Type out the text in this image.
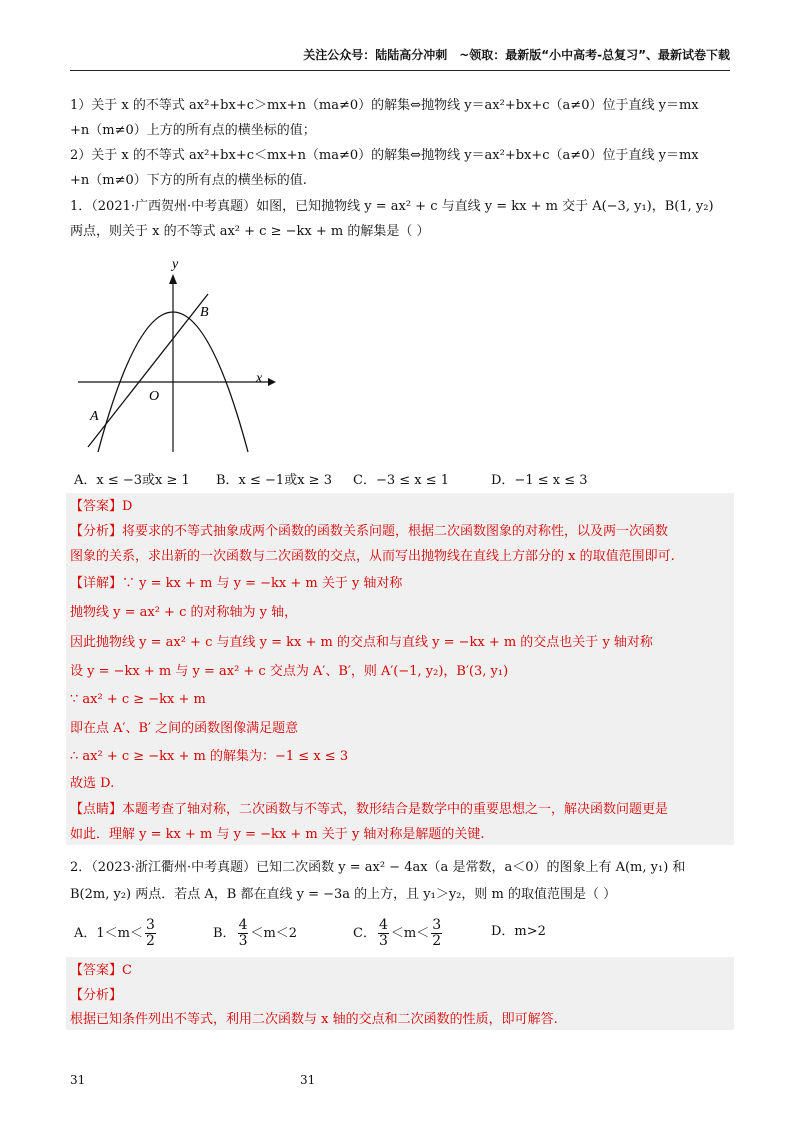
关注公众号：陆陆高分冲刺　~领取：最新版“小中高考-总复习”、最新试卷下载
1）关于 x 的不等式 ax²+bx+c＞mx+n（ma≠0）的解集⇔抛物线 y＝ax²+bx+c（a≠0）位于直线 y＝mx
+n（m≠0）上方的所有点的横坐标的值；
2）关于 x 的不等式 ax²+bx+c＜mx+n（ma≠0）的解集⇔抛物线 y＝ax²+bx+c（a≠0）位于直线 y＝mx
+n（m≠0）下方的所有点的横坐标的值.
1．（2021·广西贺州·中考真题）如图，已知抛物线 y = ax² + c 与直线 y = kx + m 交于 A(−3, y₁)，B(1, y₂)
两点，则关于 x 的不等式 ax² + c ≥ −kx + m 的解集是（ ）
y
x
O
A
B
A．x ≤ −3或x ≥ 1 B．x ≤ −1或x ≥ 3 C．−3 ≤ x ≤ 1	D．−1 ≤ x ≤ 3
【答案】D
【分析】将要求的不等式抽象成两个函数的函数关系问题，根据二次函数图象的对称性，以及两一次函数
图象的关系，求出新的一次函数与二次函数的交点，从而写出抛物线在直线上方部分的 x 的取值范围即可.
【详解】∵ y = kx + m 与 y = −kx + m 关于 y 轴对称
抛物线 y = ax² + c 的对称轴为 y 轴，
因此抛物线 y = ax² + c 与直线 y = kx + m 的交点和与直线 y = −kx + m 的交点也关于 y 轴对称
设 y = −kx + m 与 y = ax² + c 交点为 A′、B′，则 A′(−1, y₂)，B′(3, y₁)
∵ ax² + c ≥ −kx + m
即在点 A′、B′ 之间的函数图像满足题意
∴ ax² + c ≥ −kx + m 的解集为：−1 ≤ x ≤ 3
故选 D.
【点睛】本题考查了轴对称，二次函数与不等式，数形结合是数学中的重要思想之一，解决函数问题更是
如此．理解 y = kx + m 与 y = −kx + m 关于 y 轴对称是解题的关键.
2．（2023·浙江衢州·中考真题）已知二次函数 y = ax² − 4ax（a 是常数，a＜0）的图象上有 A(m, y₁) 和
B(2m, y₂) 两点．若点 A，B 都在直线 y = −3a 的上方，且 y₁＞y₂，则 m 的取值范围是（ ）
A．$1<m< \frac{3}{2}$	B． $\frac{4}{3} <m<2$	C． $\frac{4}{3} <m< \frac{3}{2}$	D．m>2
【答案】C
【分析】
根据已知条件列出不等式，利用二次函数与 x 轴的交点和二次函数的性质，即可解答.
31	31
